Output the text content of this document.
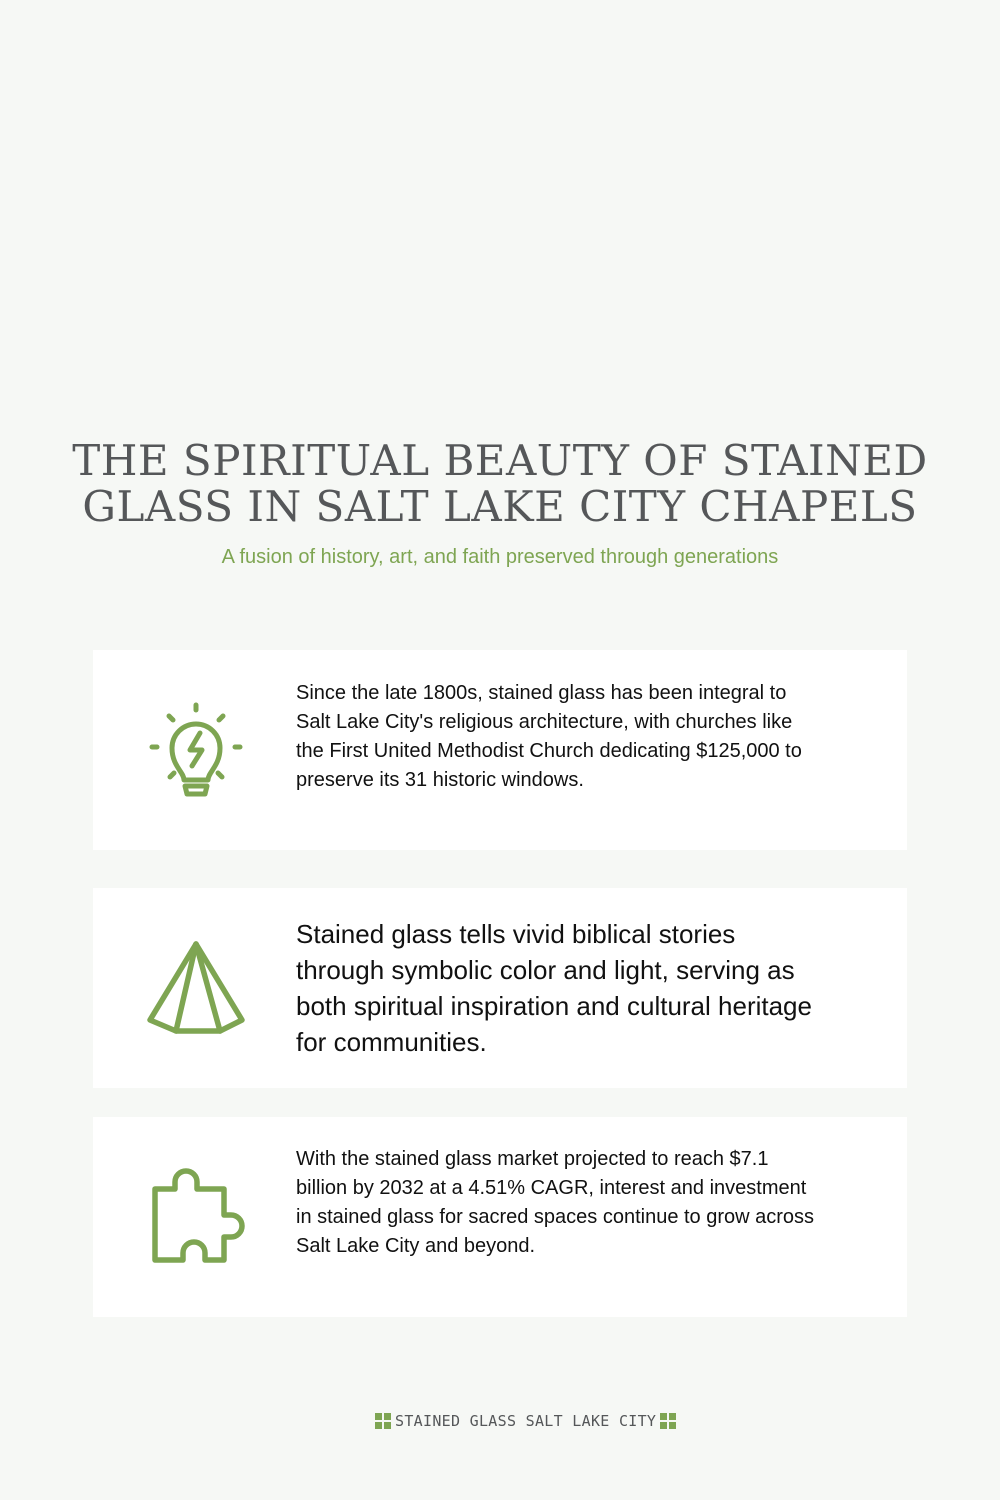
THE SPIRITUAL BEAUTY OF STAINED GLASS IN SALT LAKE CITY CHAPELS

A fusion of history, art, and faith preserved through generations

Since the late 1800s, stained glass has been integral to Salt Lake City's religious architecture, with churches like the First United Methodist Church dedicating $125,000 to preserve its 31 historic windows.

Stained glass tells vivid biblical stories through symbolic color and light, serving as both spiritual inspiration and cultural heritage for communities.

With the stained glass market projected to reach $7.1 billion by 2032 at a 4.51% CAGR, interest and investment in stained glass for sacred spaces continue to grow across Salt Lake City and beyond.

STAINED GLASS SALT LAKE CITY
